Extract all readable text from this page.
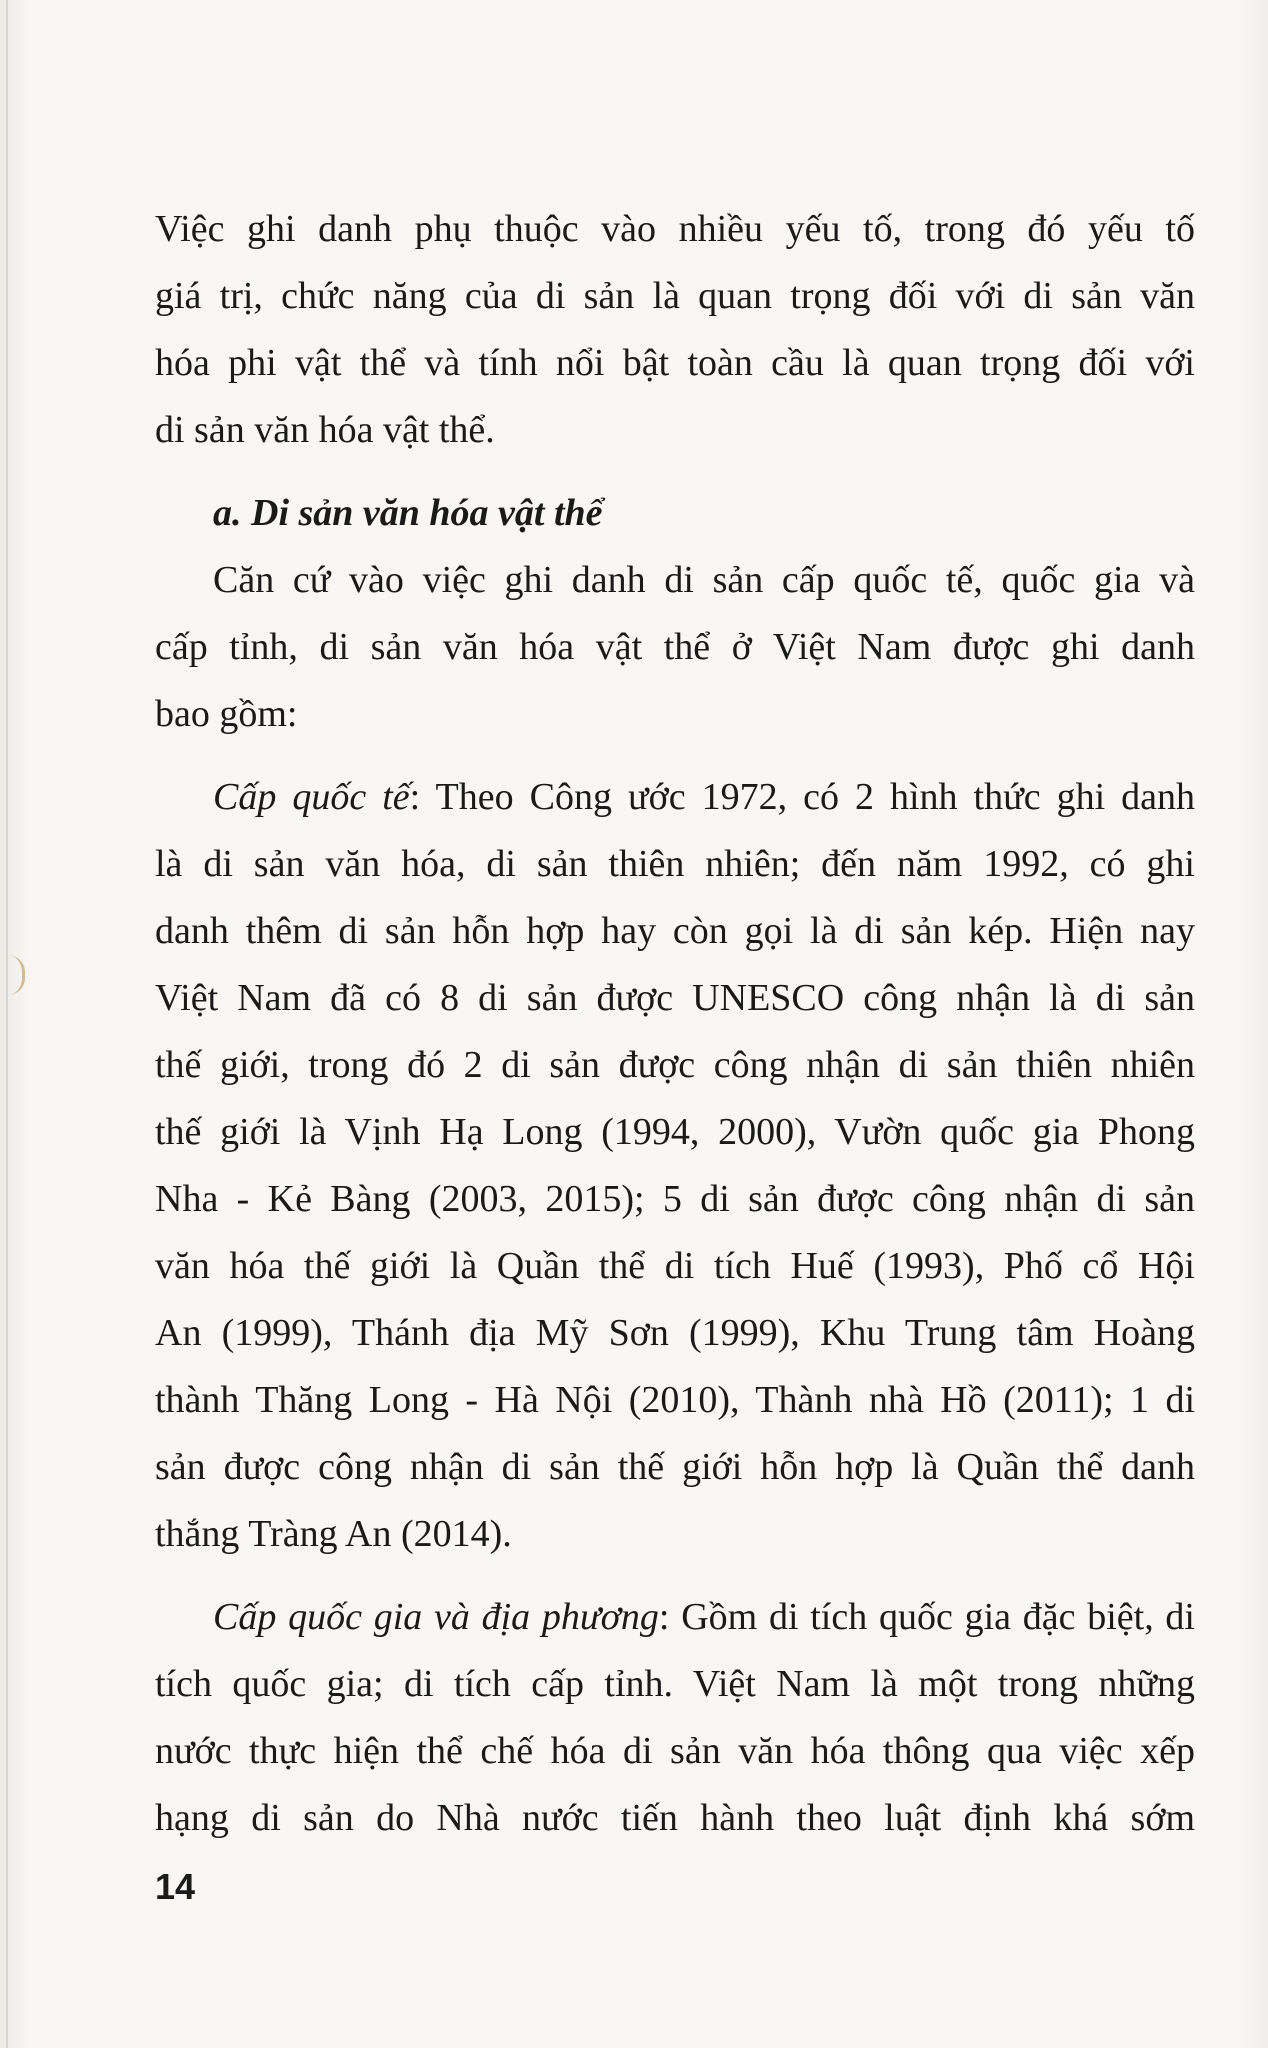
Việc ghi danh phụ thuộc vào nhiều yếu tố, trong đó yếu tố
giá trị, chức năng của di sản là quan trọng đối với di sản văn
hóa phi vật thể và tính nổi bật toàn cầu là quan trọng đối với
di sản văn hóa vật thể.
a. Di sản văn hóa vật thể
Căn cứ vào việc ghi danh di sản cấp quốc tế, quốc gia và
cấp tỉnh, di sản văn hóa vật thể ở Việt Nam được ghi danh
bao gồm:
Cấp quốc tế: Theo Công ước 1972, có 2 hình thức ghi danh
là di sản văn hóa, di sản thiên nhiên; đến năm 1992, có ghi
danh thêm di sản hỗn hợp hay còn gọi là di sản kép. Hiện nay
Việt Nam đã có 8 di sản được UNESCO công nhận là di sản
thế giới, trong đó 2 di sản được công nhận di sản thiên nhiên
thế giới là Vịnh Hạ Long (1994, 2000), Vườn quốc gia Phong
Nha - Kẻ Bàng (2003, 2015); 5 di sản được công nhận di sản
văn hóa thế giới là Quần thể di tích Huế (1993), Phố cổ Hội
An (1999), Thánh địa Mỹ Sơn (1999), Khu Trung tâm Hoàng
thành Thăng Long - Hà Nội (2010), Thành nhà Hồ (2011); 1 di
sản được công nhận di sản thế giới hỗn hợp là Quần thể danh
thắng Tràng An (2014).
Cấp quốc gia và địa phương: Gồm di tích quốc gia đặc biệt, di
tích quốc gia; di tích cấp tỉnh. Việt Nam là một trong những
nước thực hiện thể chế hóa di sản văn hóa thông qua việc xếp
hạng di sản do Nhà nước tiến hành theo luật định khá sớm
14
